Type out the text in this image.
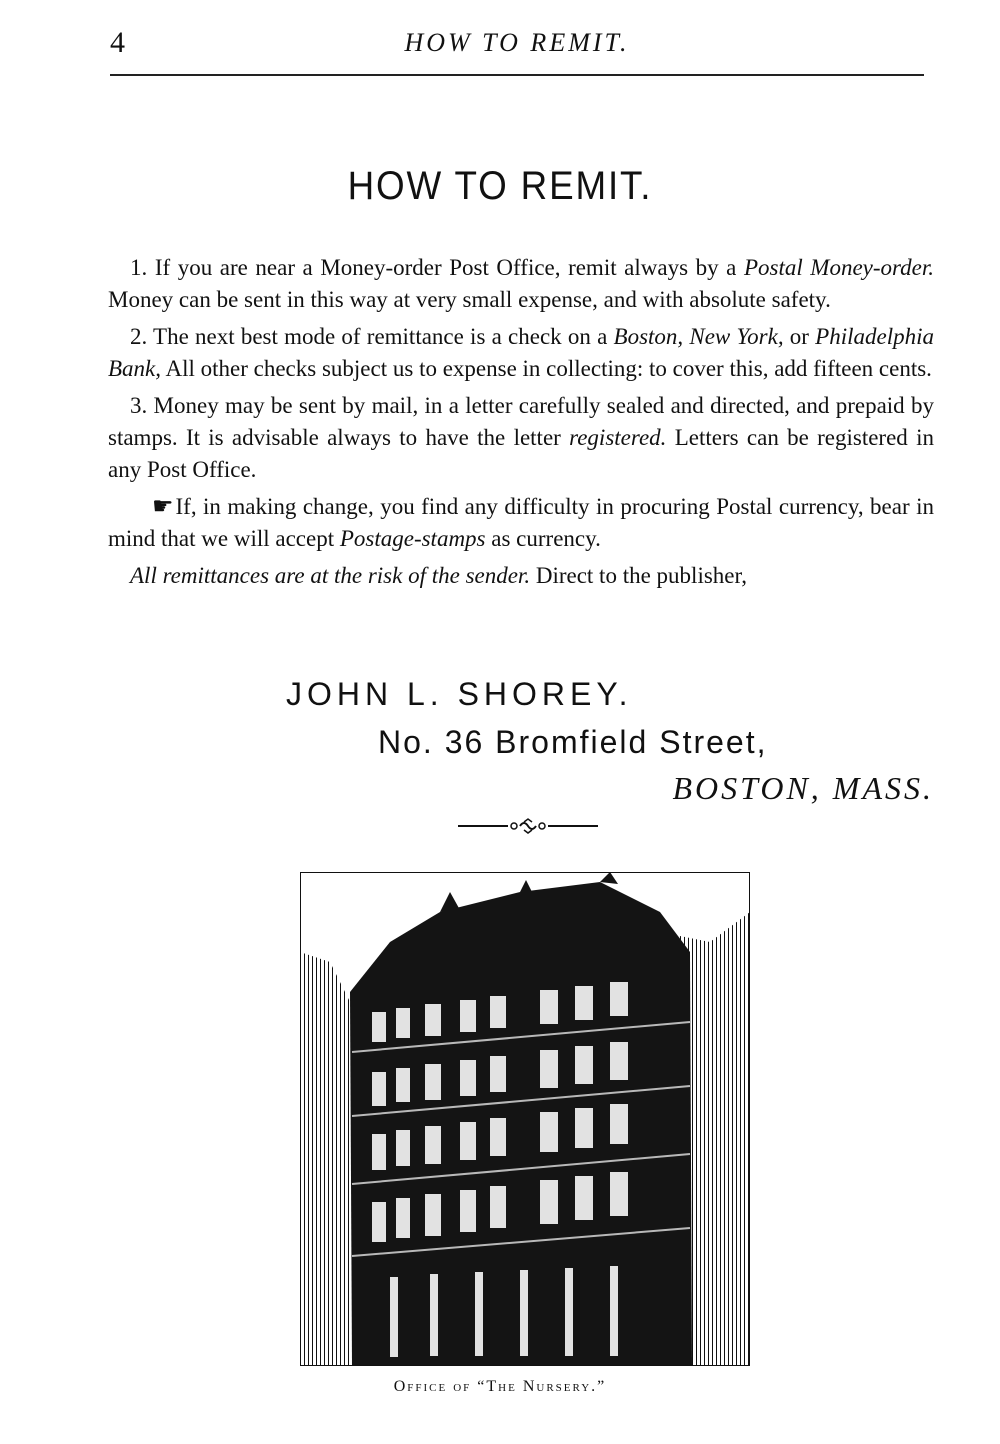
4	HOW TO REMIT.
HOW TO REMIT.

1. If you are near a Money-order Post Office, remit always by a Postal Money-order. Money can be sent in this way at very small expense, and with absolute safety.

2. The next best mode of remittance is a check on a Boston, New York, or Philadelphia Bank, All other checks subject us to expense in collecting: to cover this, add fifteen cents.

3. Money may be sent by mail, in a letter carefully sealed and directed, and prepaid by stamps. It is advisable always to have the letter registered. Letters can be registered in any Post Office.

☛If, in making change, you find any difficulty in procuring Postal currency, bear in mind that we will accept Postage-stamps as currency.

All remittances are at the risk of the sender. Direct to the publisher,

JOHN L. SHOREY.
No. 36 Bromfield Street,
BOSTON, MASS.
Office of “The Nursery.”
